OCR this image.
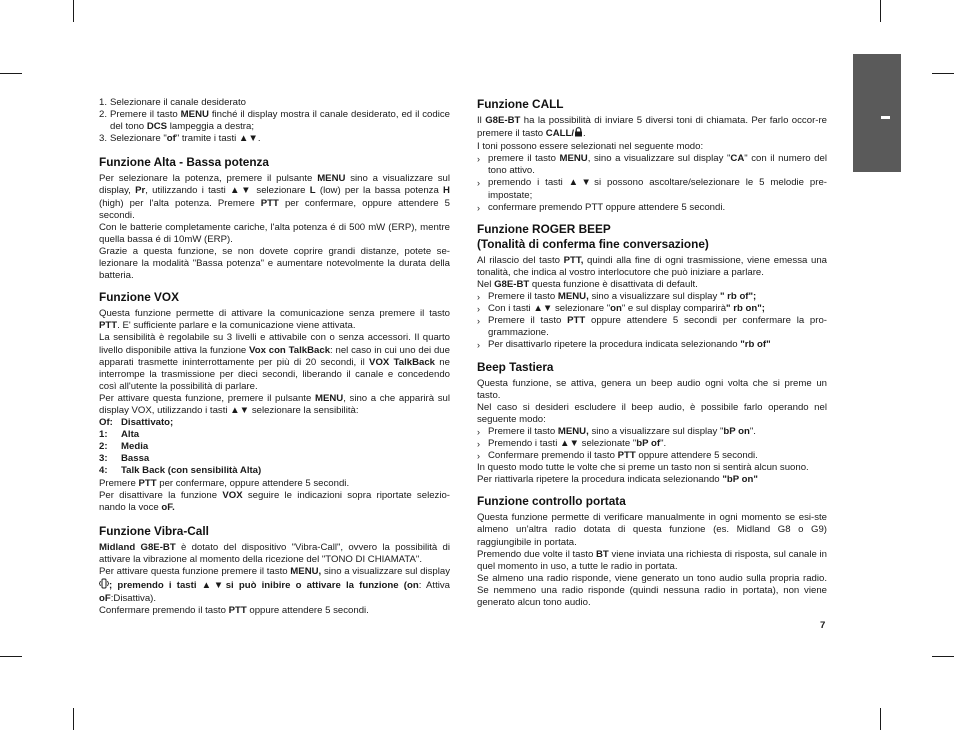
1. Selezionare il canale desiderato
2. Premere il tasto MENU finché il display mostra il canale desiderato, ed il codice del tono DCS lampeggia a destra;
3. Selezionare "of" tramite i tasti ▲▼.
Funzione Alta - Bassa potenza

Per selezionare la potenza, premere il pulsante MENU sino a visualizzare sul display, Pr, utilizzando i tasti ▲▼ selezionare L (low) per la bassa potenza H (high) per l'alta potenza. Premere PTT per confermare, oppure attendere 5 secondi.

Con le batterie completamente cariche, l'alta potenza é di 500 mW (ERP), mentre quella bassa é di 10mW (ERP).

Grazie a questa funzione, se non dovete coprire grandi distanze, potete se-lezionare la modalità "Bassa potenza" e aumentare notevolmente la durata della batteria.

Funzione VOX

Questa funzione permette di attivare la comunicazione senza premere il tasto PTT. E' sufficiente parlare e la comunicazione viene attivata.

La sensibilità è regolabile su 3 livelli e attivabile con o senza accessori. Il quarto livello disponibile attiva la funzione Vox con TalkBack: nel caso in cui uno dei due apparati trasmette ininterrottamente per più di 20 secondi, il VOX TalkBack ne interrompe la trasmissione per dieci secondi, liberando il canale e concedendo così all'utente la possibilità di parlare.

Per attivare questa funzione, premere il pulsante MENU, sino a che apparirà sul display VOX, utilizzando i tasti ▲▼ selezionare la sensibilità:

Of: Disattivato;
1:	Alta
2:	Media
3:	Bassa
4:	Talk Back (con sensibilità Alta)

Premere PTT per confermare, oppure attendere 5 secondi.

Per disattivare la funzione VOX seguire le indicazioni sopra riportate selezio-nando la voce oF.

Funzione Vibra-Call

Midland G8E-BT è dotato del dispositivo "Vibra-Call", ovvero la possibilità di attivare la vibrazione al momento della ricezione del "TONO DI CHIAMATA".

Per attivare questa funzione premere il tasto MENU, sino a visualizzare sul display ; premendo i tasti ▲▼si può inibire o attivare la funzione (on: Attiva oF:Disattiva).

Confermare premendo il tasto PTT oppure attendere 5 secondi.

Funzione CALL

Il G8E-BT ha la possibilità di inviare 5 diversi toni di chiamata. Per farlo occor-re premere il tasto CALL/ .

I toni possono essere selezionati nel seguente modo:

› premere il tasto MENU, sino a visualizzare sul display "CA" con il numero del tono attivo.
› premendo i tasti ▲▼si possono ascoltare/selezionare le 5 melodie pre-impostate;
› confermare premendo PTT oppure attendere 5 secondi.
Funzione ROGER BEEP
(Tonalità di conferma fine conversazione)

Al rilascio del tasto PTT, quindi alla fine di ogni trasmissione, viene emessa una tonalità, che indica al vostro interlocutore che può iniziare a parlare.

Nel G8E-BT questa funzione è disattivata di default.

› Premere il tasto MENU, sino a visualizzare sul display " rb of";
› Con i tasti ▲▼ selezionare "on" e sul display comparirà" rb on";
› Premere il tasto PTT oppure attendere 5 secondi per confermare la pro-grammazione.
› Per disattivarlo ripetere la procedura indicata selezionando "rb of"
Beep Tastiera

Questa funzione, se attiva, genera un beep audio ogni volta che si preme un tasto.

Nel caso si desideri escludere il beep audio, è possibile farlo operando nel seguente modo:

› Premere il tasto MENU, sino a visualizzare sul display "bP on".
› Premendo i tasti ▲▼ selezionate "bP of".
› Confermare premendo il tasto PTT oppure attendere 5 secondi.

In questo modo tutte le volte che si preme un tasto non si sentirà alcun suono.

Per riattivarla ripetere la procedura indicata selezionando "bP on"

Funzione controllo portata

Questa funzione permette di verificare manualmente in ogni momento se esi-ste almeno un'altra radio dotata di questa funzione (es. Midland G8 o G9) raggiungibile in portata.

Premendo due volte il tasto BT viene inviata una richiesta di risposta, sul canale in quel momento in uso, a tutte le radio in portata.

Se almeno una radio risponde, viene generato un tono audio sulla propria radio. Se nemmeno una radio risponde (quindi nessuna radio in portata), non viene generato alcun tono audio.

7
